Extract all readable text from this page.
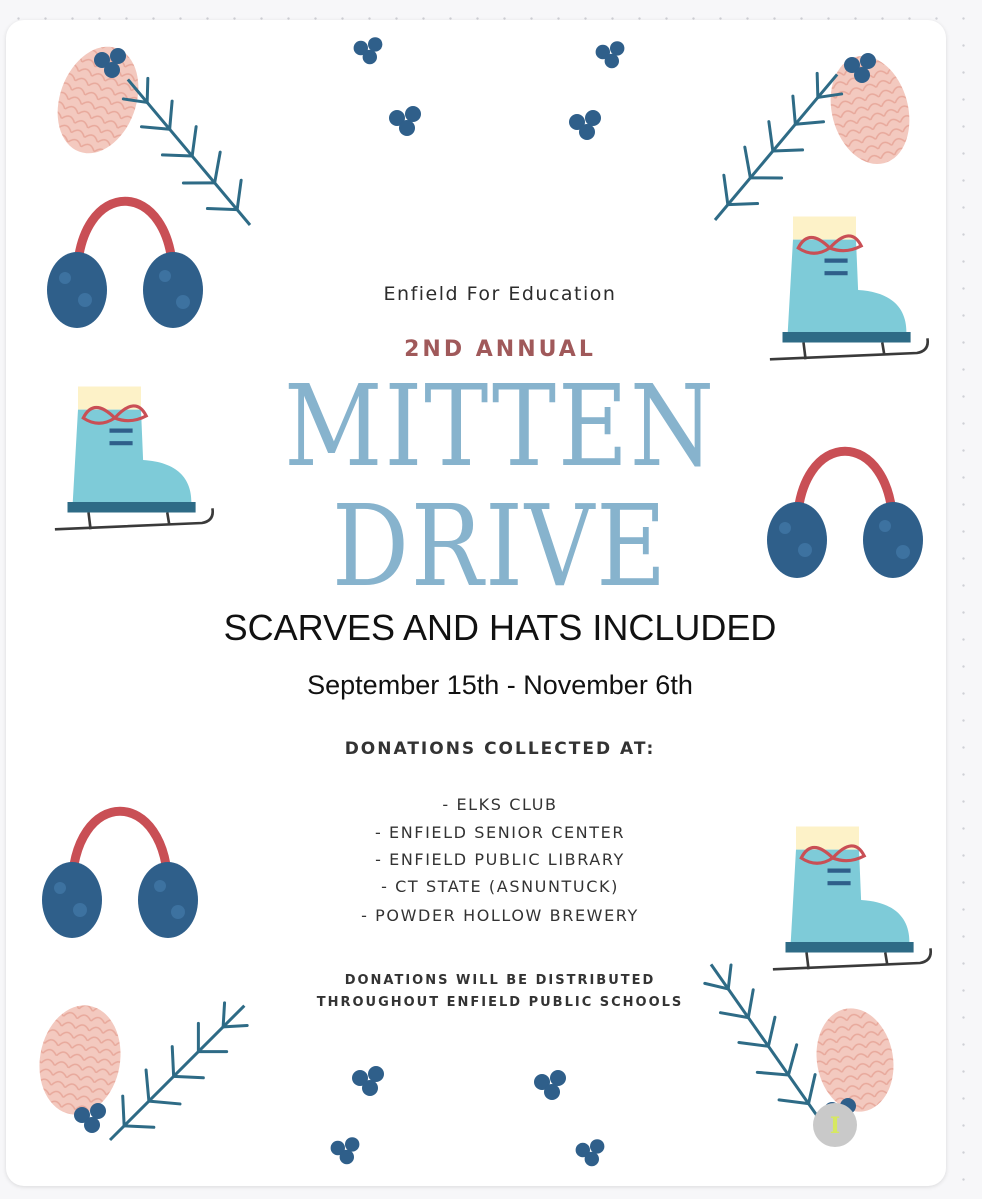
I
Enfield For Education
2ND ANNUAL
MITTEN
DRIVE
SCARVES AND HATS INCLUDED
September 15th - November 6th
DONATIONS COLLECTED AT:
- ELKS CLUB
- ENFIELD SENIOR CENTER
- ENFIELD PUBLIC LIBRARY
- CT STATE (ASNUNTUCK)
- POWDER HOLLOW BREWERY
DONATIONS WILL BE DISTRIBUTED
THROUGHOUT ENFIELD PUBLIC SCHOOLS
